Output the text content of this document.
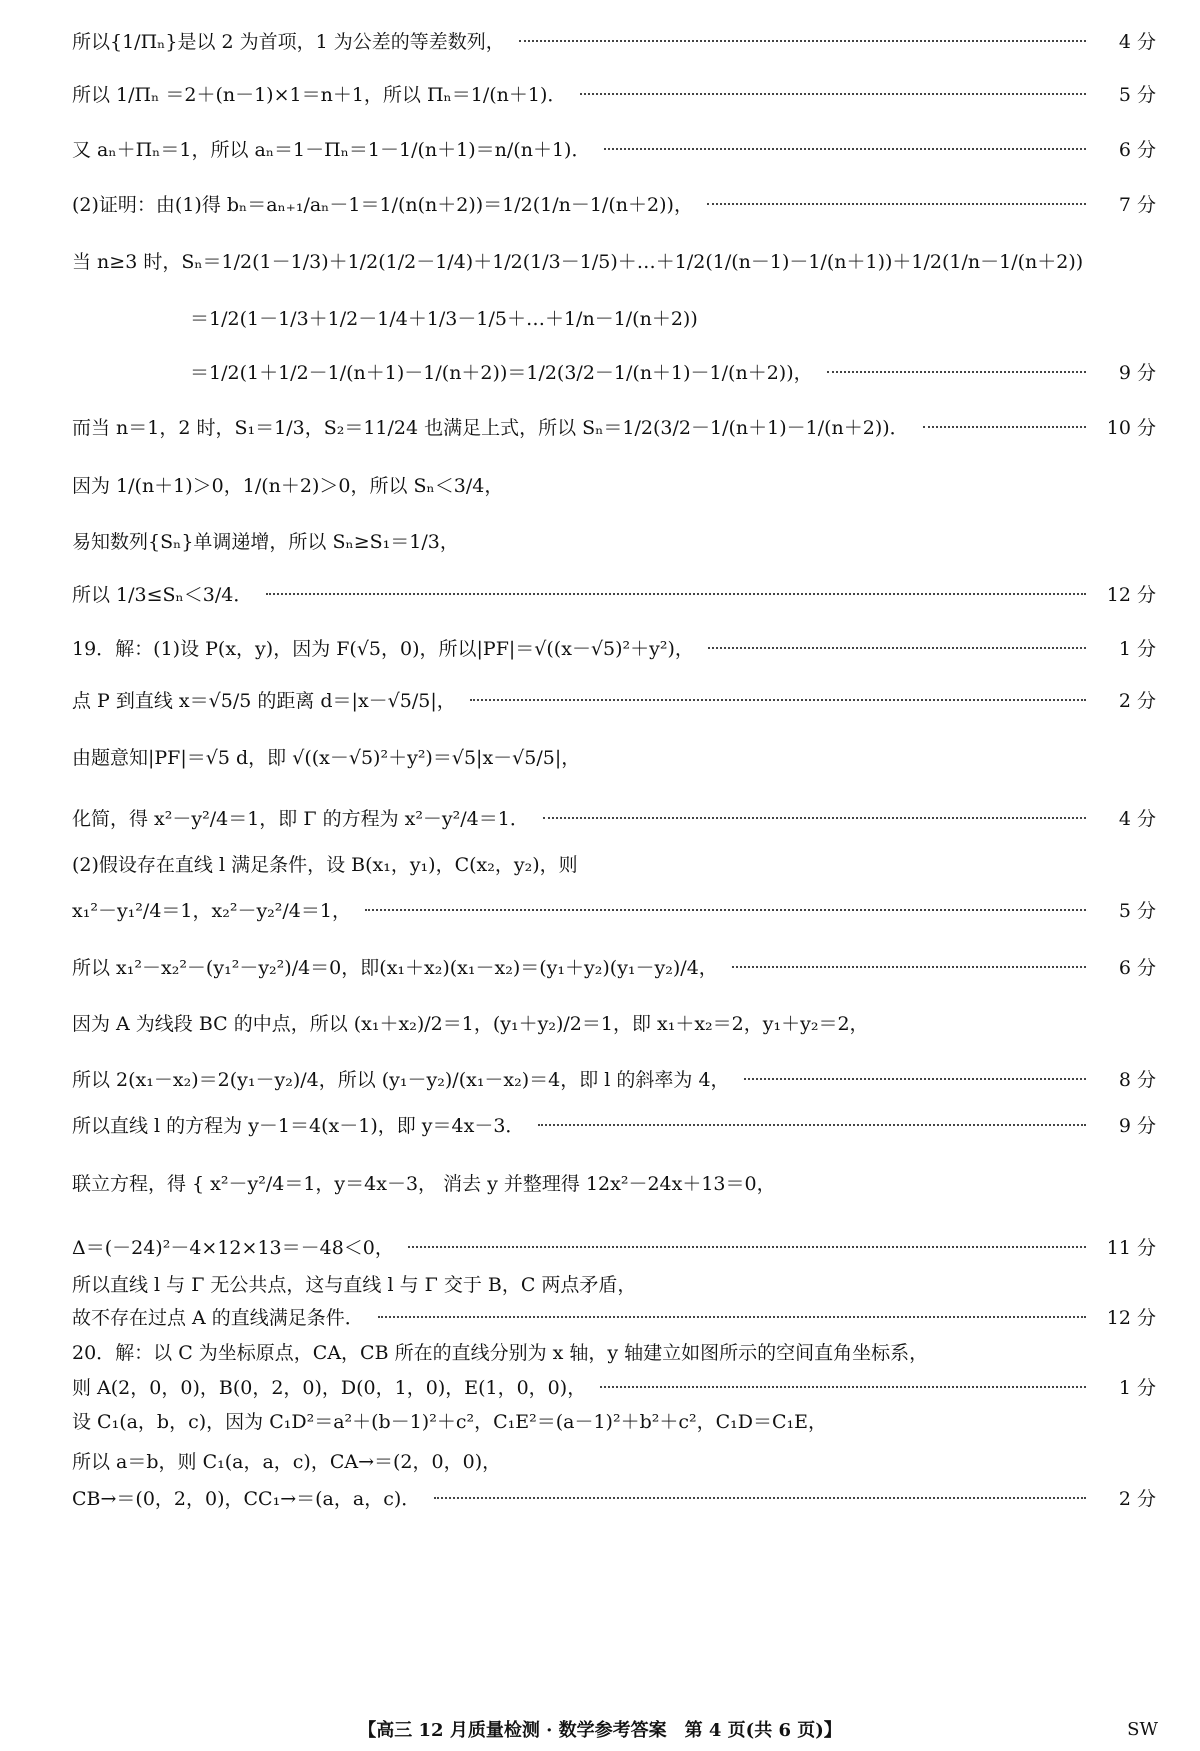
所以{1/Πₙ}是以 2 为首项，1 为公差的等差数列，	4 分
所以 1/Πₙ ＝2＋(n－1)×1＝n＋1，所以 Πₙ＝1/(n＋1)．	5 分
又 aₙ＋Πₙ＝1，所以 aₙ＝1－Πₙ＝1－1/(n＋1)＝n/(n＋1)．	6 分
(2)证明：由(1)得 bₙ＝aₙ₊₁/aₙ－1＝1/(n(n＋2))＝1/2(1/n－1/(n＋2))，	7 分
当 n≥3 时，Sₙ＝1/2(1－1/3)＋1/2(1/2－1/4)＋1/2(1/3－1/5)＋…＋1/2(1/(n－1)－1/(n＋1))＋1/2(1/n－1/(n＋2))
＝1/2(1－1/3＋1/2－1/4＋1/3－1/5＋…＋1/n－1/(n＋2))
＝1/2(1＋1/2－1/(n＋1)－1/(n＋2))＝1/2(3/2－1/(n＋1)－1/(n＋2))，	9 分
而当 n＝1，2 时，S₁＝1/3，S₂＝11/24 也满足上式，所以 Sₙ＝1/2(3/2－1/(n＋1)－1/(n＋2))．	10 分
因为 1/(n＋1)＞0，1/(n＋2)＞0，所以 Sₙ＜3/4，
易知数列{Sₙ}单调递增，所以 Sₙ≥S₁＝1/3，
所以 1/3≤Sₙ＜3/4．	12 分
19．解：(1)设 P(x，y)，因为 F(√5，0)，所以|PF|＝√((x－√5)²＋y²)，	1 分
点 P 到直线 x＝√5/5 的距离 d＝|x－√5/5|，	2 分
由题意知|PF|＝√5 d，即 √((x－√5)²＋y²)＝√5|x－√5/5|，
化简，得 x²－y²/4＝1，即 Γ 的方程为 x²－y²/4＝1．	4 分
(2)假设存在直线 l 满足条件，设 B(x₁，y₁)，C(x₂，y₂)，则
x₁²－y₁²/4＝1，x₂²－y₂²/4＝1，	5 分
所以 x₁²－x₂²－(y₁²－y₂²)/4＝0，即(x₁＋x₂)(x₁－x₂)＝(y₁＋y₂)(y₁－y₂)/4，	6 分
因为 A 为线段 BC 的中点，所以 (x₁＋x₂)/2＝1，(y₁＋y₂)/2＝1，即 x₁＋x₂＝2，y₁＋y₂＝2，
所以 2(x₁－x₂)＝2(y₁－y₂)/4，所以 (y₁－y₂)/(x₁－x₂)＝4，即 l 的斜率为 4，	8 分
所以直线 l 的方程为 y－1＝4(x－1)，即 y＝4x－3．	9 分
联立方程，得 { x²－y²/4＝1，y＝4x－3， 消去 y 并整理得 12x²－24x＋13＝0，
Δ＝(－24)²－4×12×13＝－48＜0，	11 分
所以直线 l 与 Γ 无公共点，这与直线 l 与 Γ 交于 B，C 两点矛盾，
故不存在过点 A 的直线满足条件．	12 分
20．解：以 C 为坐标原点，CA，CB 所在的直线分别为 x 轴，y 轴建立如图所示的空间直角坐标系，
则 A(2，0，0)，B(0，2，0)，D(0，1，0)，E(1，0，0)，	1 分
设 C₁(a，b，c)，因为 C₁D²＝a²＋(b－1)²＋c²，C₁E²＝(a－1)²＋b²＋c²，C₁D＝C₁E，
所以 a＝b，则 C₁(a，a，c)，CA→＝(2，0，0)，
CB→＝(0，2，0)，CC₁→＝(a，a，c)．	2 分
【高三 12 月质量检测 · 数学参考答案　第 4 页(共 6 页)】	SW
